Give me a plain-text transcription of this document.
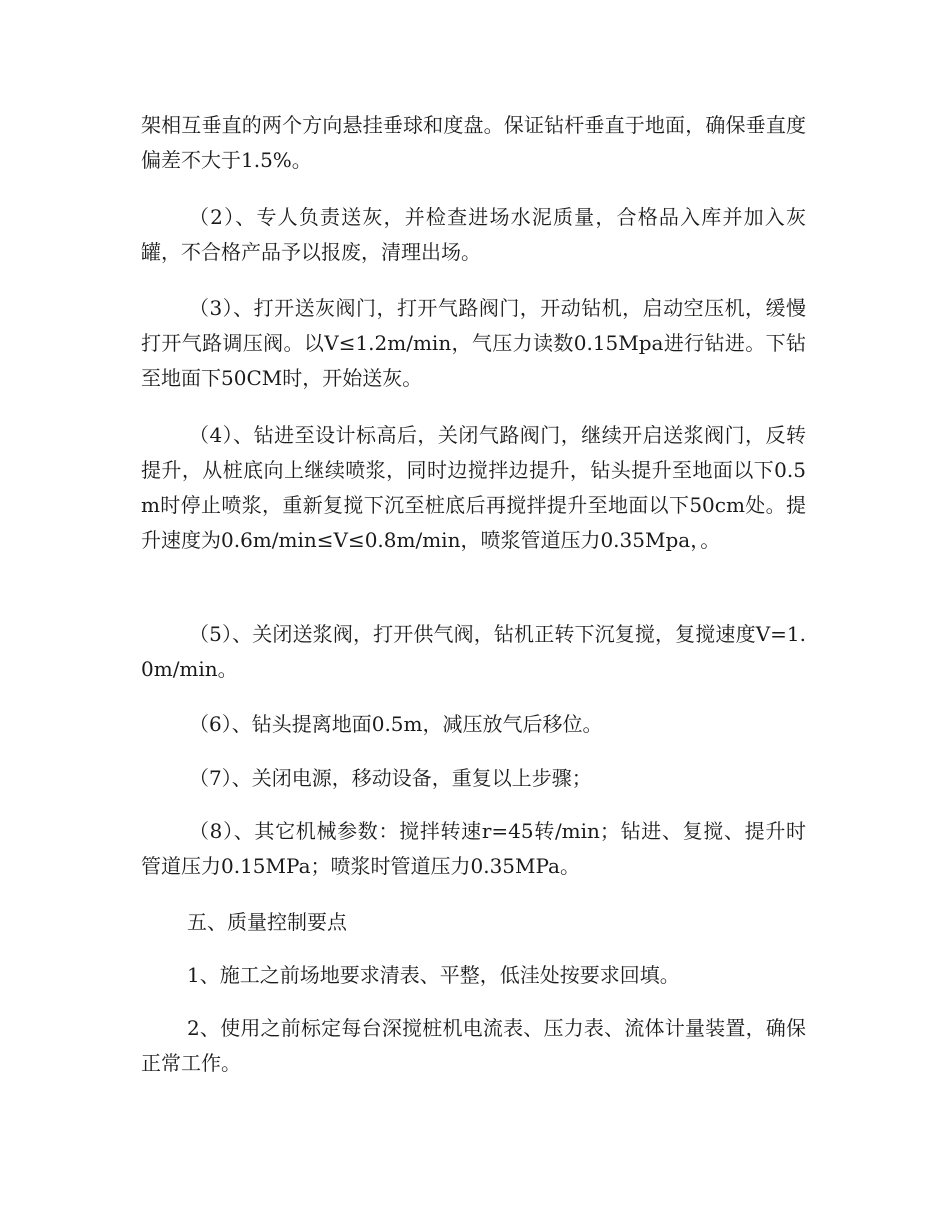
架相互垂直的两个方向悬挂垂球和度盘。保证钻杆垂直于地面，确保垂直度偏差不大于1.5%。

（2）、专人负责送灰，并检查进场水泥质量，合格品入库并加入灰罐，不合格产品予以报废，清理出场。

（3）、打开送灰阀门，打开气路阀门，开动钻机，启动空压机，缓慢打开气路调压阀。以V≤1.2m/min，气压力读数0.15Mpa进行钻进。下钻至地面下50CM时，开始送灰。

（4）、钻进至设计标高后，关闭气路阀门，继续开启送浆阀门，反转提升，从桩底向上继续喷浆，同时边搅拌边提升，钻头提升至地面以下0.5m时停止喷浆，重新复搅下沉至桩底后再搅拌提升至地面以下50cm处。提升速度为0.6m/min≤V≤0.8m/min，喷浆管道压力0.35Mpa，。

（5）、关闭送浆阀，打开供气阀，钻机正转下沉复搅，复搅速度V=1.0m/min。

（6）、钻头提离地面0.5m，减压放气后移位。

（7）、关闭电源，移动设备，重复以上步骤；

（8）、其它机械参数：搅拌转速r=45转/min；钻进、复搅、提升时管道压力0.15MPa；喷浆时管道压力0.35MPa。

五、质量控制要点

1、施工之前场地要求清表、平整，低洼处按要求回填。

2、使用之前标定每台深搅桩机电流表、压力表、流体计量装置，确保正常工作。
